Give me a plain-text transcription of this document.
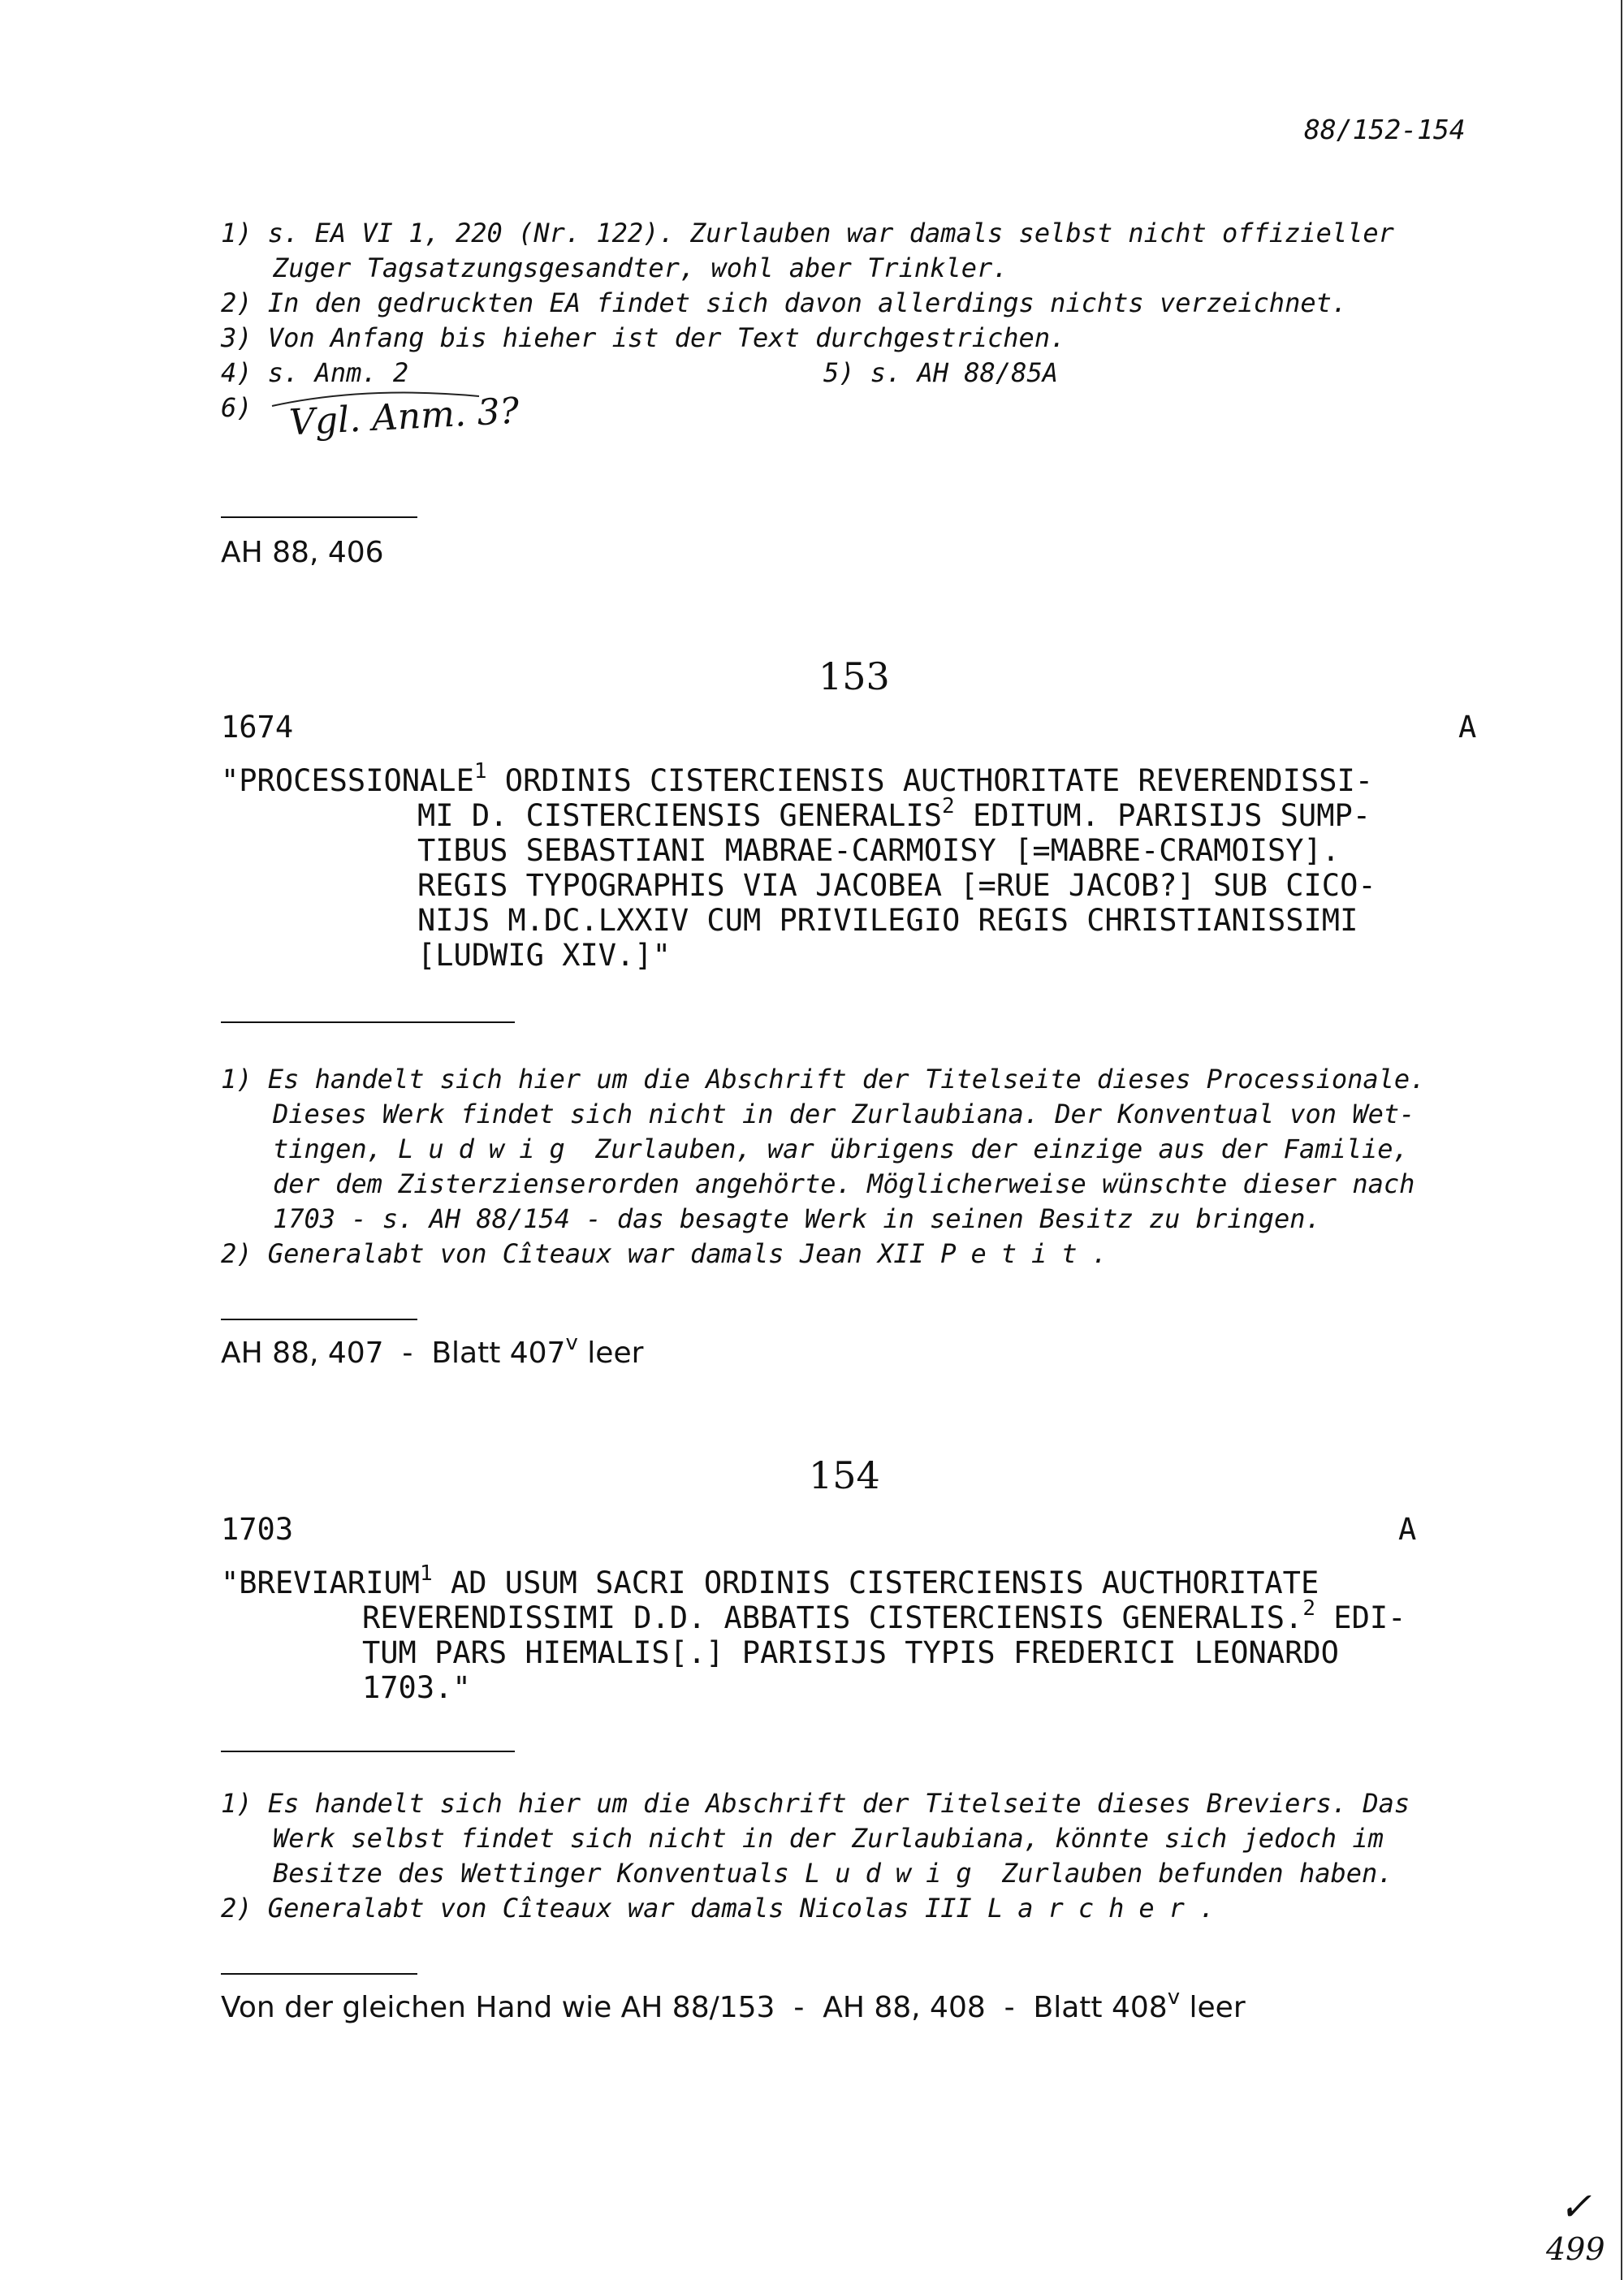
88/152-154
1) s. EA VI 1, 220 (Nr. 122). Zurlauben war damals selbst nicht offizieller
Zuger Tagsatzungsgesandter, wohl aber Trinkler.
2) In den gedruckten EA findet sich davon allerdings nichts verzeichnet.
3) Von Anfang bis hieher ist der Text durchgestrichen.
4) s. Anm. 2	5) s. AH 88/85A
6) Vgl. Anm. 3?
AH 88, 406
153
1674	A
"PROCESSIONALE$^1$ ORDINIS CISTERCIENSIS AUCTHORITATE REVERENDISSI-
MI D. CISTERCIENSIS GENERALIS$^2$ EDITUM. PARISIJS SUMP-
TIBUS SEBASTIANI MABRAE-CARMOISY [=MABRE-CRAMOISY].
REGIS TYPOGRAPHIS VIA JACOBEA [=RUE JACOB?] SUB CICO-
NIJS M.DC.LXXIV CUM PRIVILEGIO REGIS CHRISTIANISSIMI
[LUDWIG XIV.]"
1) Es handelt sich hier um die Abschrift der Titelseite dieses Processionale.
Dieses Werk findet sich nicht in der Zurlaubiana. Der Konventual von Wet-
tingen, Ludwig Zurlauben, war übrigens der einzige aus der Familie,
der dem Zisterzienserorden angehörte. Möglicherweise wünschte dieser nach
1703 - s. AH 88/154 - das besagte Werk in seinen Besitz zu bringen.
2) Generalabt von Cîteaux war damals Jean XII Petit.
AH 88, 407  -  Blatt 407$^v$ leer
154
1703	A
"BREVIARIUM$^1$ AD USUM SACRI ORDINIS CISTERCIENSIS AUCTHORITATE
REVERENDISSIMI D.D. ABBATIS CISTERCIENSIS GENERALIS.$^2$ EDI-
TUM PARS HIEMALIS[.] PARISIJS TYPIS FREDERICI LEONARDO
1703."
1) Es handelt sich hier um die Abschrift der Titelseite dieses Breviers. Das
Werk selbst findet sich nicht in der Zurlaubiana, könnte sich jedoch im
Besitze des Wettinger Konventuals Ludwig Zurlauben befunden haben.
2) Generalabt von Cîteaux war damals Nicolas III Larcher.
Von der gleichen Hand wie AH 88/153  -  AH 88, 408  -  Blatt 408$^v$ leer
✓
499
